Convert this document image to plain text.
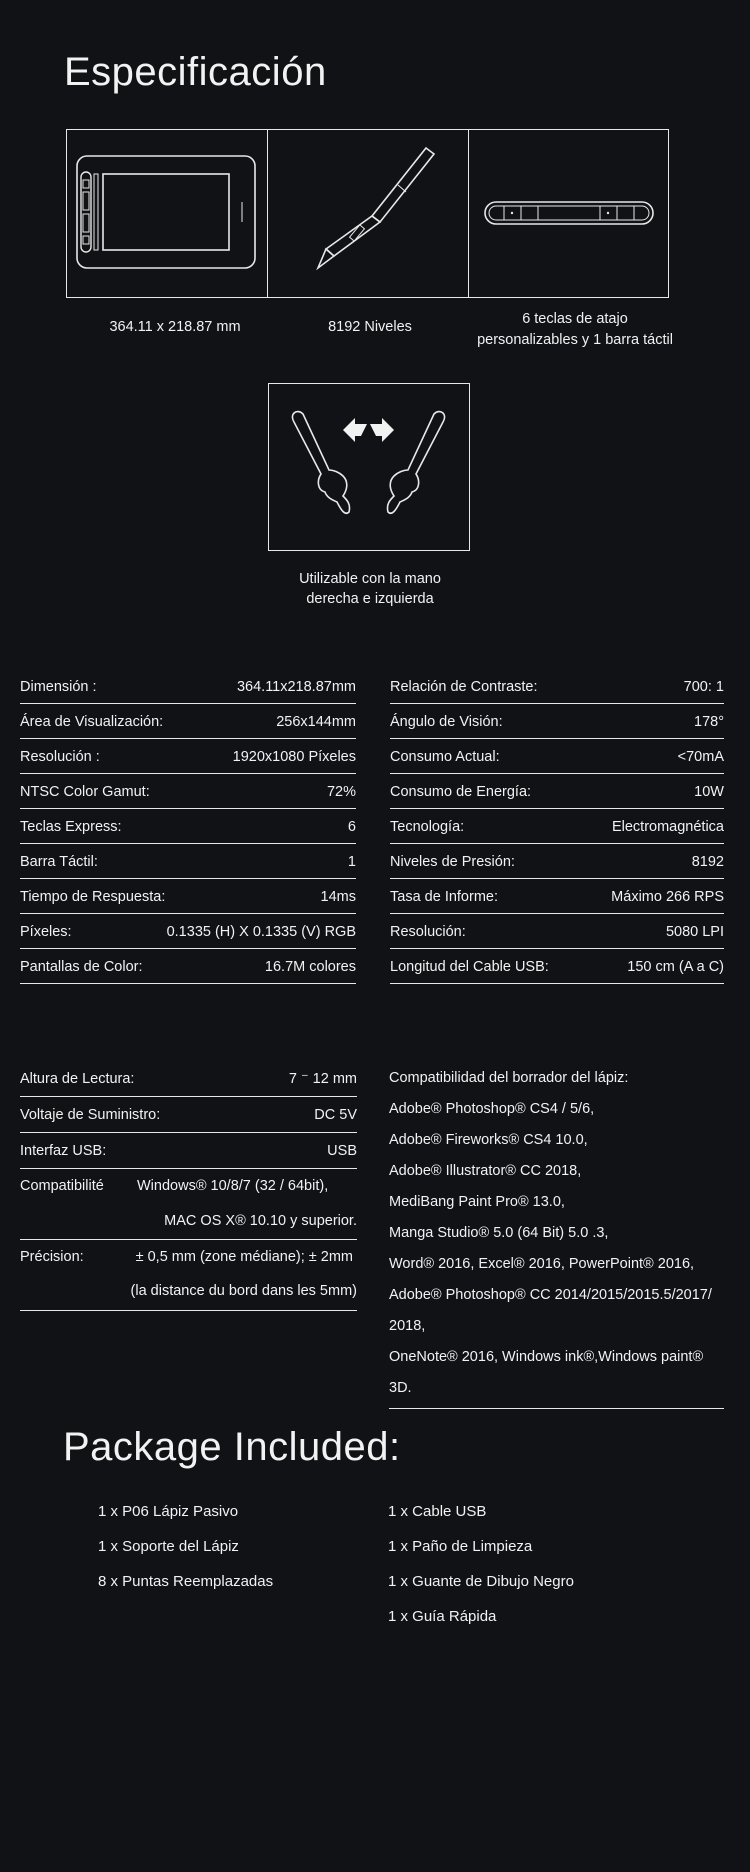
Especificación
364.11 x 218.87 mm	8192 Niveles	6 teclas de atajo
personalizables y 1 barra táctil
Utilizable con la mano
derecha e izquierda
Dimensión :	364.11x218.87mm
Área de Visualización:	256x144mm
Resolución :	1920x1080 Píxeles
NTSC Color Gamut:	72%
Teclas Express:	6
Barra Táctil:	1
Tiempo de Respuesta:	14ms
Píxeles:	0.1335 (H) X 0.1335 (V) RGB
Pantallas de Color:	16.7M colores
Relación de Contraste:	700: 1
Ángulo de Visión:	178°
Consumo Actual:	<70mA
Consumo de Energía:	10W
Tecnología:	Electromagnética
Niveles de Presión:	8192
Tasa de Informe:	Máximo 266 RPS
Resolución:	5080 LPI
Longitud del Cable USB:	150 cm (A a C)
Altura de Lectura:	7 ⁻ 12 mm
Voltaje de Suministro:	DC 5V
Interfaz USB:	USB
Compatibilité Windows® 10/8/7 (32 / 64bit),
MAC OS X® 10.10 y superior.
Précision:	± 0,5 mm (zone médiane); ± 2mm
(la distance du bord dans les 5mm)

Compatibilidad del borrador del lápiz:

Adobe® Photoshop® CS4 / 5/6,

Adobe® Fireworks® CS4 10.0,

Adobe® Illustrator® CC 2018,

MediBang Paint Pro® 13.0,

Manga Studio® 5.0 (64 Bit) 5.0 .3,

Word® 2016, Excel® 2016, PowerPoint® 2016,

Adobe® Photoshop® CC 2014/2015/2015.5/2017/

2018,

OneNote® 2016, Windows ink®,Windows paint®

3D.

Package Included:

1 x P06 Lápiz Pasivo

1 x Soporte del Lápiz

8 x Puntas Reemplazadas

1 x Cable USB

1 x Paño de Limpieza

1 x Guante de Dibujo Negro

1 x Guía Rápida
